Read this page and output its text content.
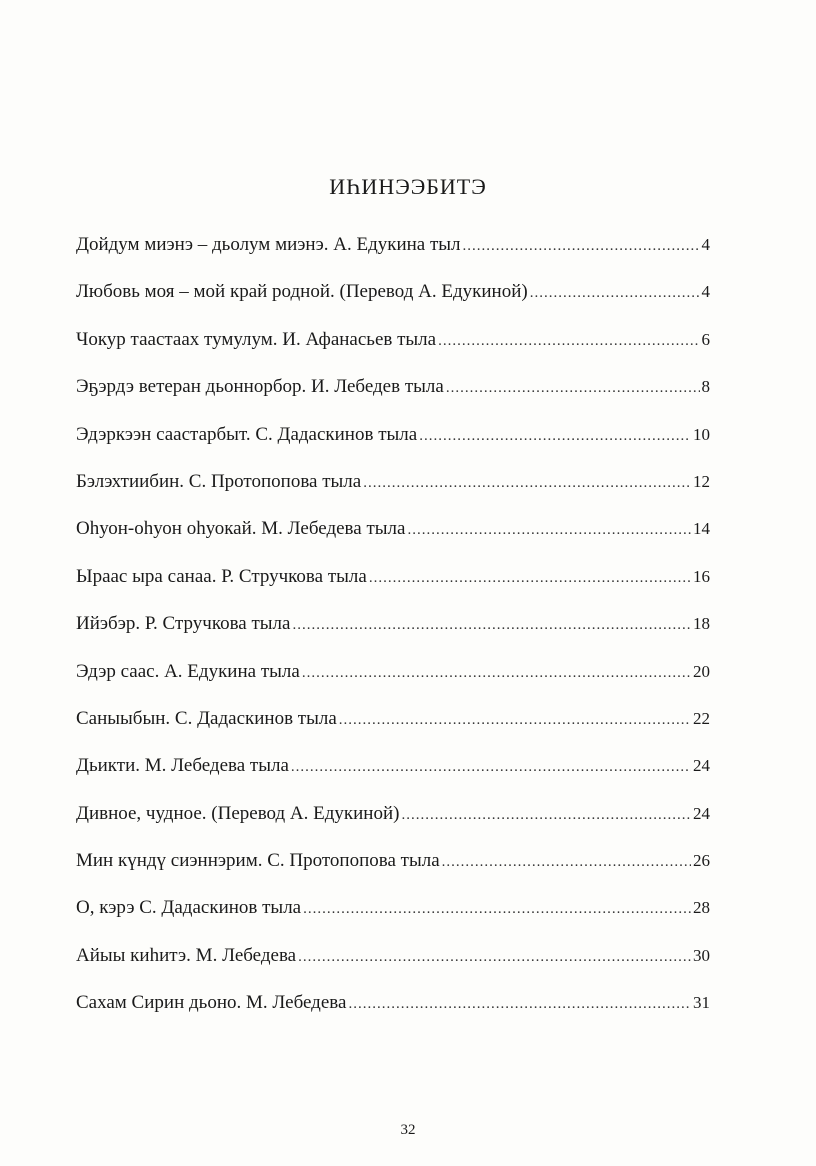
ИҺИНЭЭБИТЭ
Дойдум миэнэ – дьолум миэнэ. А. Едукина тыл .....	4
Любовь моя – мой край родной. (Перевод А. Едукиной) .....	4
Чокур таастаах тумулум. И. Афанасьев тыла .....	6
Эҕэрдэ ветеран дьоннорбор. И. Лебедев тыла .....	8
Эдэркээн саастарбыт. С. Дадаскинов тыла .....	10
Бэлэхтиибин. С. Протопопова тыла .....	12
Оһуон-оһуон оһуокай. М. Лебедева тыла .....	14
Ыраас ыра санаа. Р. Стручкова тыла .....	16
Ийэбэр. Р. Стручкова тыла .....	18
Эдэр саас. А. Едукина тыла .....	20
Саныыбын. С. Дадаскинов тыла .....	22
Дьикти. М. Лебедева тыла .....	24
Дивное, чудное. (Перевод А. Едукиной) .....	24
Мин күндү сиэннэрим. С. Протопопова тыла .....	26
О, кэрэ С. Дадаскинов тыла .....	28
Айыы киһитэ. М. Лебедева .....	30
Сахам Сирин дьоно. М. Лебедева .....	31
32
